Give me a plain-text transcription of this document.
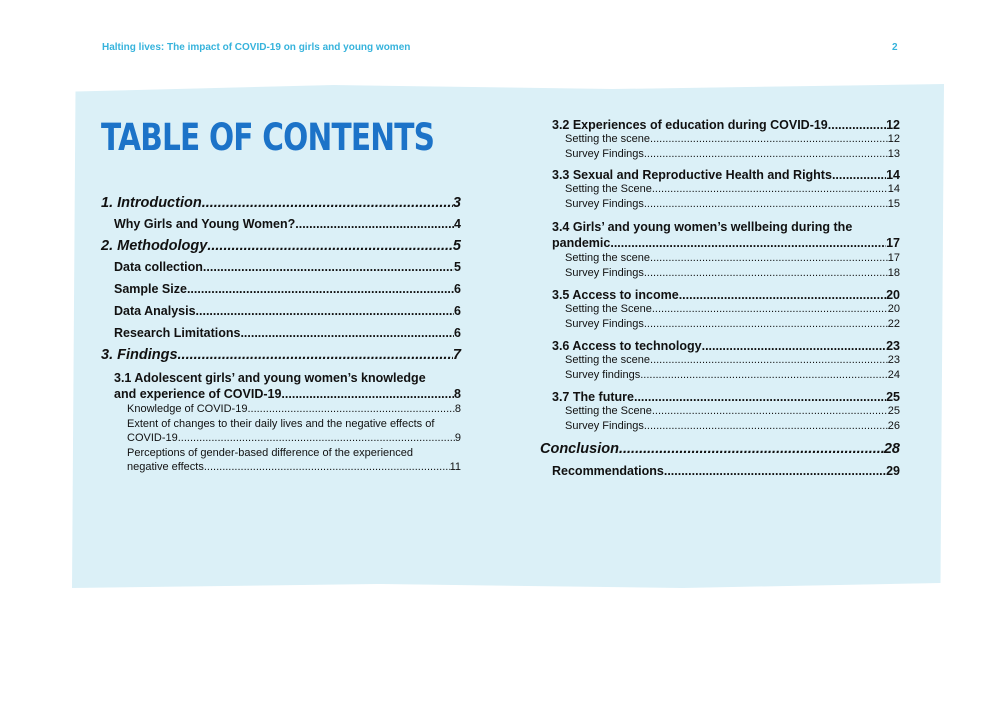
Halting lives: The impact of COVID-19 on girls and young women	2
TABLE OF CONTENTS
1. Introduction .....	3
Why Girls and Young Women? .....	4
2. Methodology .....	5
Data collection .....	5
Sample Size .....	6
Data Analysis .....	6
Research Limitations .....	6
3. Findings .....	7
3.1 Adolescent girls’ and young women’s knowledge
and experience of COVID-19 .....	8
Knowledge of COVID-19 .....	8
Extent of changes to their daily lives and the negative effects of
COVID-19 .....	9
Perceptions of gender-based difference of the experienced
negative effects .....	11
3.2 Experiences of education during COVID-19 .....	12
Setting the scene .....	12
Survey Findings .....	13
3.3 Sexual and Reproductive Health and Rights .....	14
Setting the Scene .....	14
Survey Findings .....	15
3.4 Girls’ and young women’s wellbeing during the
pandemic. .....	17
Setting the scene .....	17
Survey Findings .....	18
3.5 Access to income .....	20
Setting the Scene .....	20
Survey Findings .....	22
3.6 Access to technology .....	23
Setting the scene .....	23
Survey findings .....	24
3.7 The future .....	25
Setting the Scene .....	25
Survey Findings .....	26
Conclusion .....	28
Recommendations .....	29
